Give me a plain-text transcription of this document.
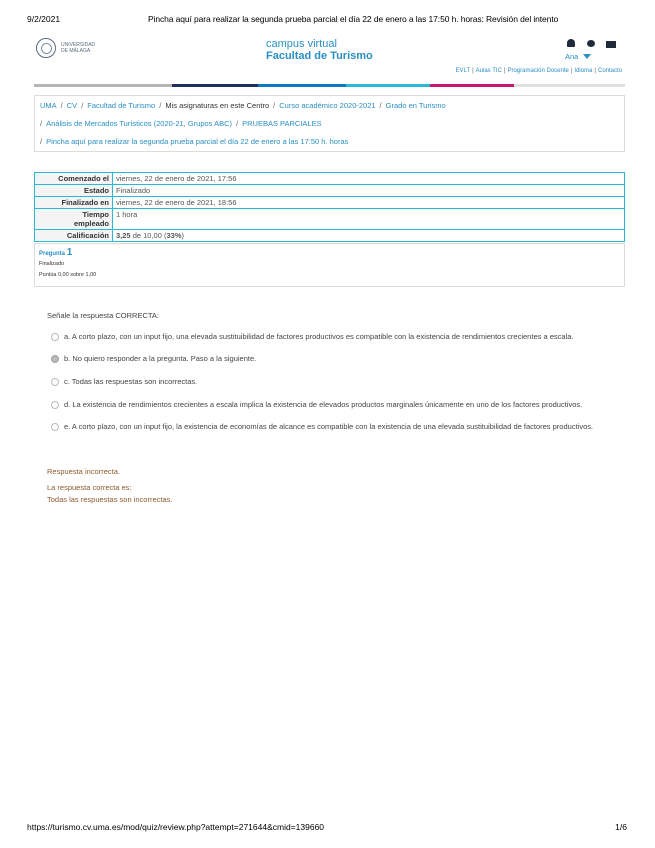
9/2/2021	Pincha aquí para realizar la segunda prueba parcial el día 22 de enero a las 17:50 h. horas: Revisión del intento
UNIVERSIDAD
DE MÁLAGA
campus virtual
Facultad de Turismo	Ana
EVLT | Aulas TIC | Programación Docente | Idioma | Contacto
UMA / CV / Facultad de Turismo / Mis asignaturas en este Centro / Curso académico 2020-2021 / Grado en Turismo
/ Análisis de Mercados Turísticos (2020-21, Grupos ABC) / PRUEBAS PARCIALES
/ Pincha aquí para realizar la segunda prueba parcial el día 22 de enero a las 17:50 h. horas
Comenzado el	viernes, 22 de enero de 2021, 17:56
Estado	Finalizado
Finalizado en	viernes, 22 de enero de 2021, 18:56
Tiempo
empleado	1 hora
Calificación	3,25 de 10,00 (33%)
Pregunta 1
Finalizado
Puntúa 0,00 sobre 1,00
Señale la respuesta CORRECTA:
a. A corto plazo, con un input fijo, una elevada sustituibilidad de factores productivos es compatible con la existencia de rendimientos crecientes a escala.
b. No quiero responder a la pregunta. Paso a la siguiente.
c. Todas las respuestas son incorrectas.
d. La existencia de rendimientos crecientes a escala implica la existencia de elevados productos marginales únicamente en uno de los factores productivos.
e. A corto plazo, con un input fijo, la existencia de economías de alcance es compatible con la existencia de una elevada sustituibilidad de factores productivos.
Respuesta incorrecta.
La respuesta correcta es:
Todas las respuestas son incorrectas.
https://turismo.cv.uma.es/mod/quiz/review.php?attempt=271644&cmid=139660	1/6
